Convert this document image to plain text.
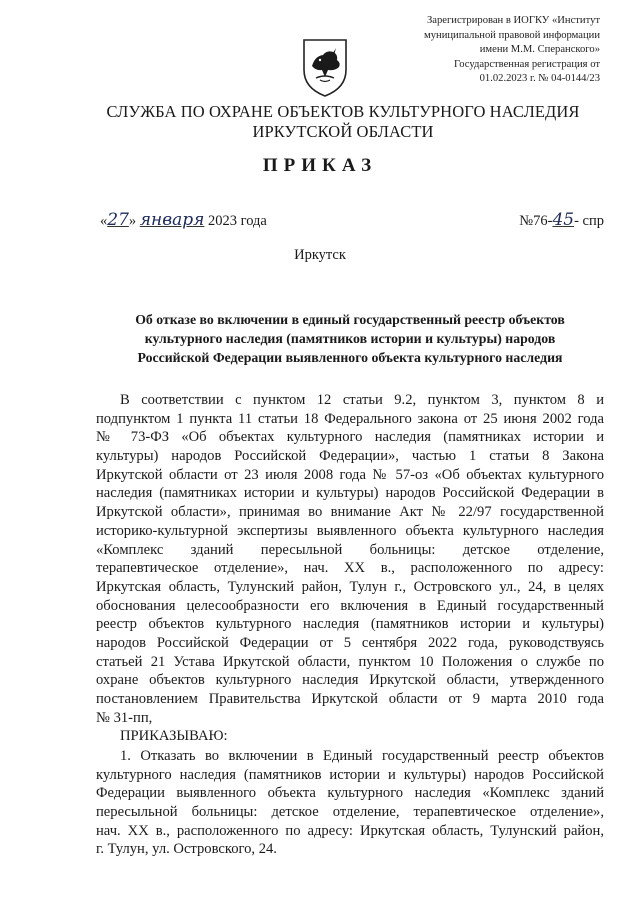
Зарегистрирован в ИОГКУ «Институт
муниципальной правовой информации
имени М.М. Сперанского»
Государственная регистрация от
01.02.2023 г. № 04-0144/23
СЛУЖБА ПО ОХРАНЕ ОБЪЕКТОВ КУЛЬТУРНОГО НАСЛЕДИЯ
ИРКУТСКОЙ ОБЛАСТИ
ПРИКАЗ
«27» января 2023 года	№76-45- спр
Иркутск
Об отказе во включении в единый государственный реестр объектов
культурного наследия (памятников истории и культуры) народов
Российской Федерации выявленного объекта культурного наследия
В соответствии с пунктом 12 статьи 9.2, пунктом 3, пунктом 8 и
подпунктом 1 пункта 11 статьи 18 Федерального закона от 25 июня 2002 года
№ 73-ФЗ «Об объектах культурного наследия (памятниках истории и
культуры) народов Российской Федерации», частью 1 статьи 8 Закона
Иркутской области от 23 июля 2008 года № 57-оз «Об объектах культурного
наследия (памятниках истории и культуры) народов Российской Федерации в
Иркутской области», принимая во внимание Акт № 22/97 государственной
историко-культурной экспертизы выявленного объекта культурного наследия
«Комплекс зданий пересыльной больницы: детское отделение,
терапевтическое отделение», нач. XX в., расположенного по адресу:
Иркутская область, Тулунский район, Тулун г., Островского ул., 24, в целях
обоснования целесообразности его включения в Единый государственный
реестр объектов культурного наследия (памятников истории и культуры)
народов Российской Федерации от 5 сентября 2022 года, руководствуясь
статьей 21 Устава Иркутской области, пунктом 10 Положения о службе по
охране объектов культурного наследия Иркутской области, утвержденного
постановлением Правительства Иркутской области от 9 марта 2010 года
№ 31-пп,
ПРИКАЗЫВАЮ:
1. Отказать во включении в Единый государственный реестр объектов
культурного наследия (памятников истории и культуры) народов Российской
Федерации выявленного объекта культурного наследия «Комплекс зданий
пересыльной больницы: детское отделение, терапевтическое отделение»,
нач. XX в., расположенного по адресу: Иркутская область, Тулунский район,
г. Тулун, ул. Островского, 24.
